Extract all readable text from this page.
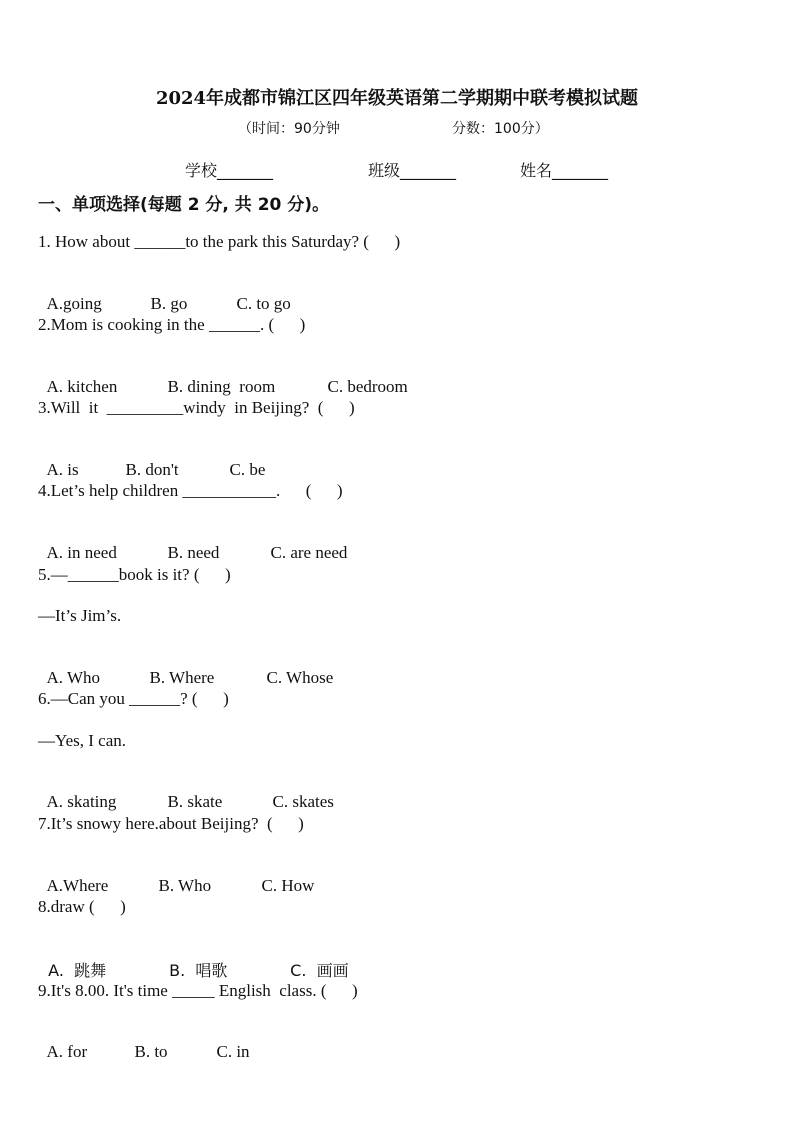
2024年成都市锦江区四年级英语第二学期期中联考模拟试题
（时间：90分钟	分数：100分）
学校_______	班级_______	姓名_______
一、单项选择(每题 2 分, 共 20 分)。
1. How about ______to the park this Saturday? (      )

A.going	B. go	C. to go

2.Mom is cooking in the ______. (      )

A. kitchen	B. dining  room	C. bedroom

3.Will  it  _________windy  in Beijing?  (      )

A. is	B. don't	C. be

4.Let’s help children ___________.      (      )

A. in need	B. need	C. are need

5.—______book is it? (      )
—It’s Jim’s.

A. Who	B. Where	C. Whose

6.—Can you ______? (      )
—Yes, I can.

A. skating	B. skate	C. skates

7.It’s snowy here.about Beijing?  (      )

A.Where	B. Who	C. How

8.draw (      )

A.  跳舞	B.  唱歌	C.  画画

9.It's 8.00. It's time _____ English  class. (      )

A. for	B. to	C. in
